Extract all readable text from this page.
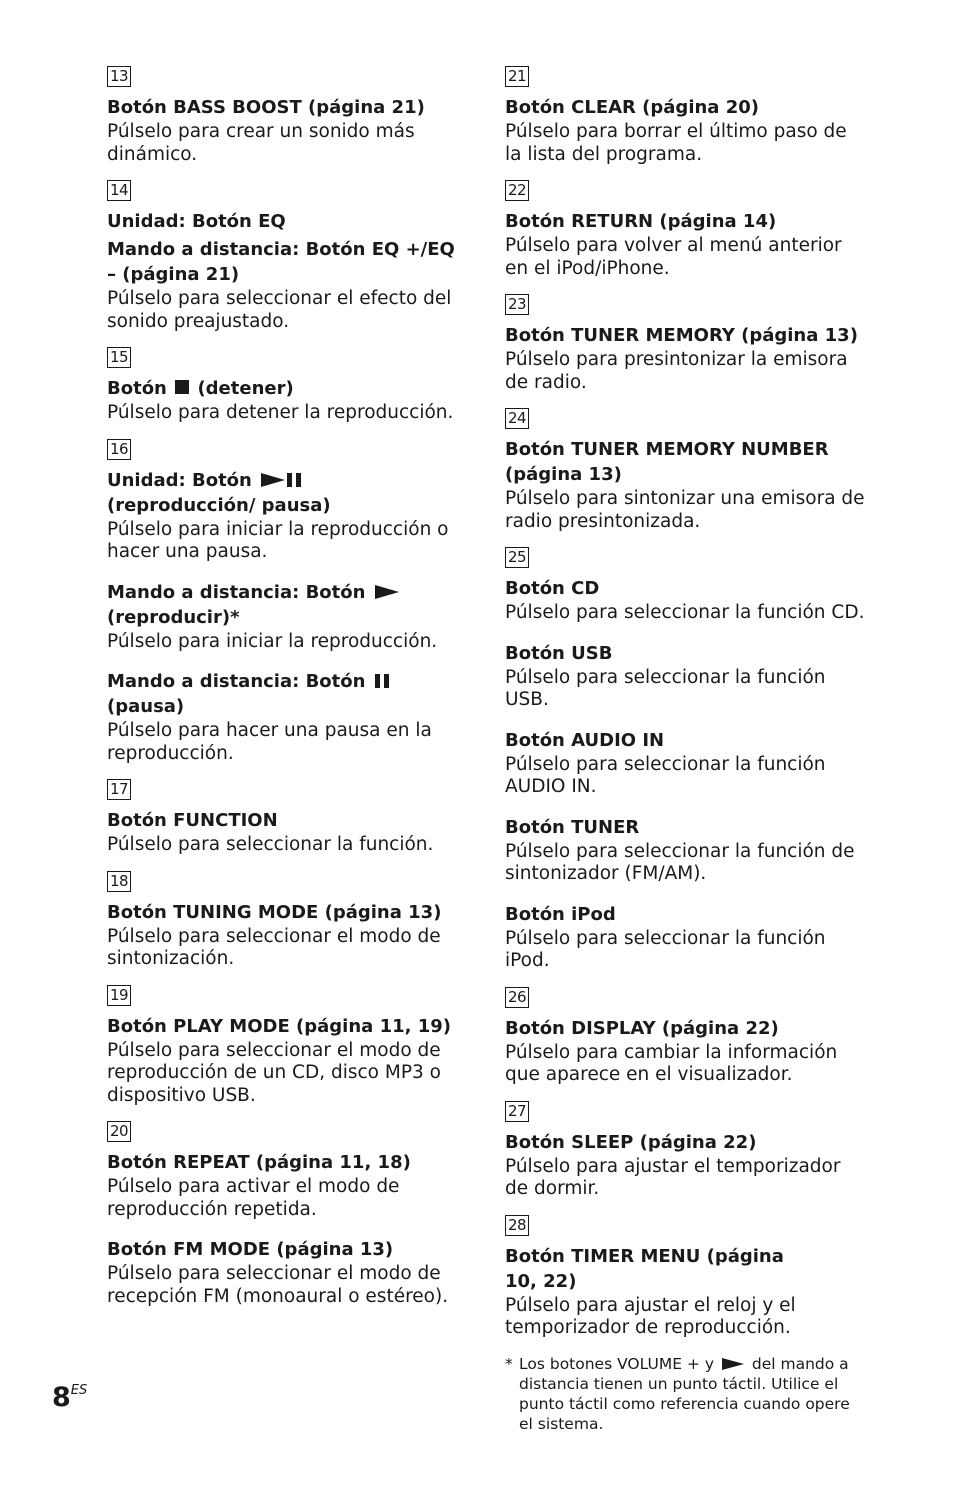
13

Botón BASS BOOST (página 21)

Púlselo para crear un sonido más dinámico.

14

Unidad: Botón EQ

Mando a distancia: Botón EQ +/EQ – (página 21)

Púlselo para seleccionar el efecto del sonido preajustado.

15

Botón (detener)

Púlselo para detener la reproducción.

16

Unidad: Botón  (reproducción/ pausa)

Púlselo para iniciar la reproducción o hacer una pausa.

Mando a distancia: Botón  (reproducir)*

Púlselo para iniciar la reproducción.

Mando a distancia: Botón  (pausa)

Púlselo para hacer una pausa en la reproducción.

17

Botón FUNCTION

Púlselo para seleccionar la función.

18

Botón TUNING MODE (página 13)

Púlselo para seleccionar el modo de sintonización.

19

Botón PLAY MODE (página 11, 19)

Púlselo para seleccionar el modo de reproducción de un CD, disco MP3 o dispositivo USB.

20

Botón REPEAT (página 11, 18)

Púlselo para activar el modo de reproducción repetida.

Botón FM MODE (página 13)

Púlselo para seleccionar el modo de recepción FM (monoaural o estéreo).

21

Botón CLEAR (página 20)

Púlselo para borrar el último paso de la lista del programa.

22

Botón RETURN (página 14)

Púlselo para volver al menú anterior en el iPod/iPhone.

23

Botón TUNER MEMORY (página 13)

Púlselo para presintonizar la emisora de radio.

24

Botón TUNER MEMORY NUMBER (página 13)

Púlselo para sintonizar una emisora de radio presintonizada.

25

Botón CD

Púlselo para seleccionar la función CD.

Botón USB

Púlselo para seleccionar la función USB.

Botón AUDIO IN

Púlselo para seleccionar la función AUDIO IN.

Botón TUNER

Púlselo para seleccionar la función de sintonizador (FM/AM).

Botón iPod

Púlselo para seleccionar la función iPod.

26

Botón DISPLAY (página 22)

Púlselo para cambiar la información que aparece en el visualizador.

27

Botón SLEEP (página 22)

Púlselo para ajustar el temporizador de dormir.

28

Botón TIMER MENU (página 10, 22)

Púlselo para ajustar el reloj y el temporizador de reproducción.

* Los botones VOLUME + y del mando a distancia tienen un punto táctil. Utilice el punto táctil como referencia cuando opere el sistema.
$8^{ES}$
